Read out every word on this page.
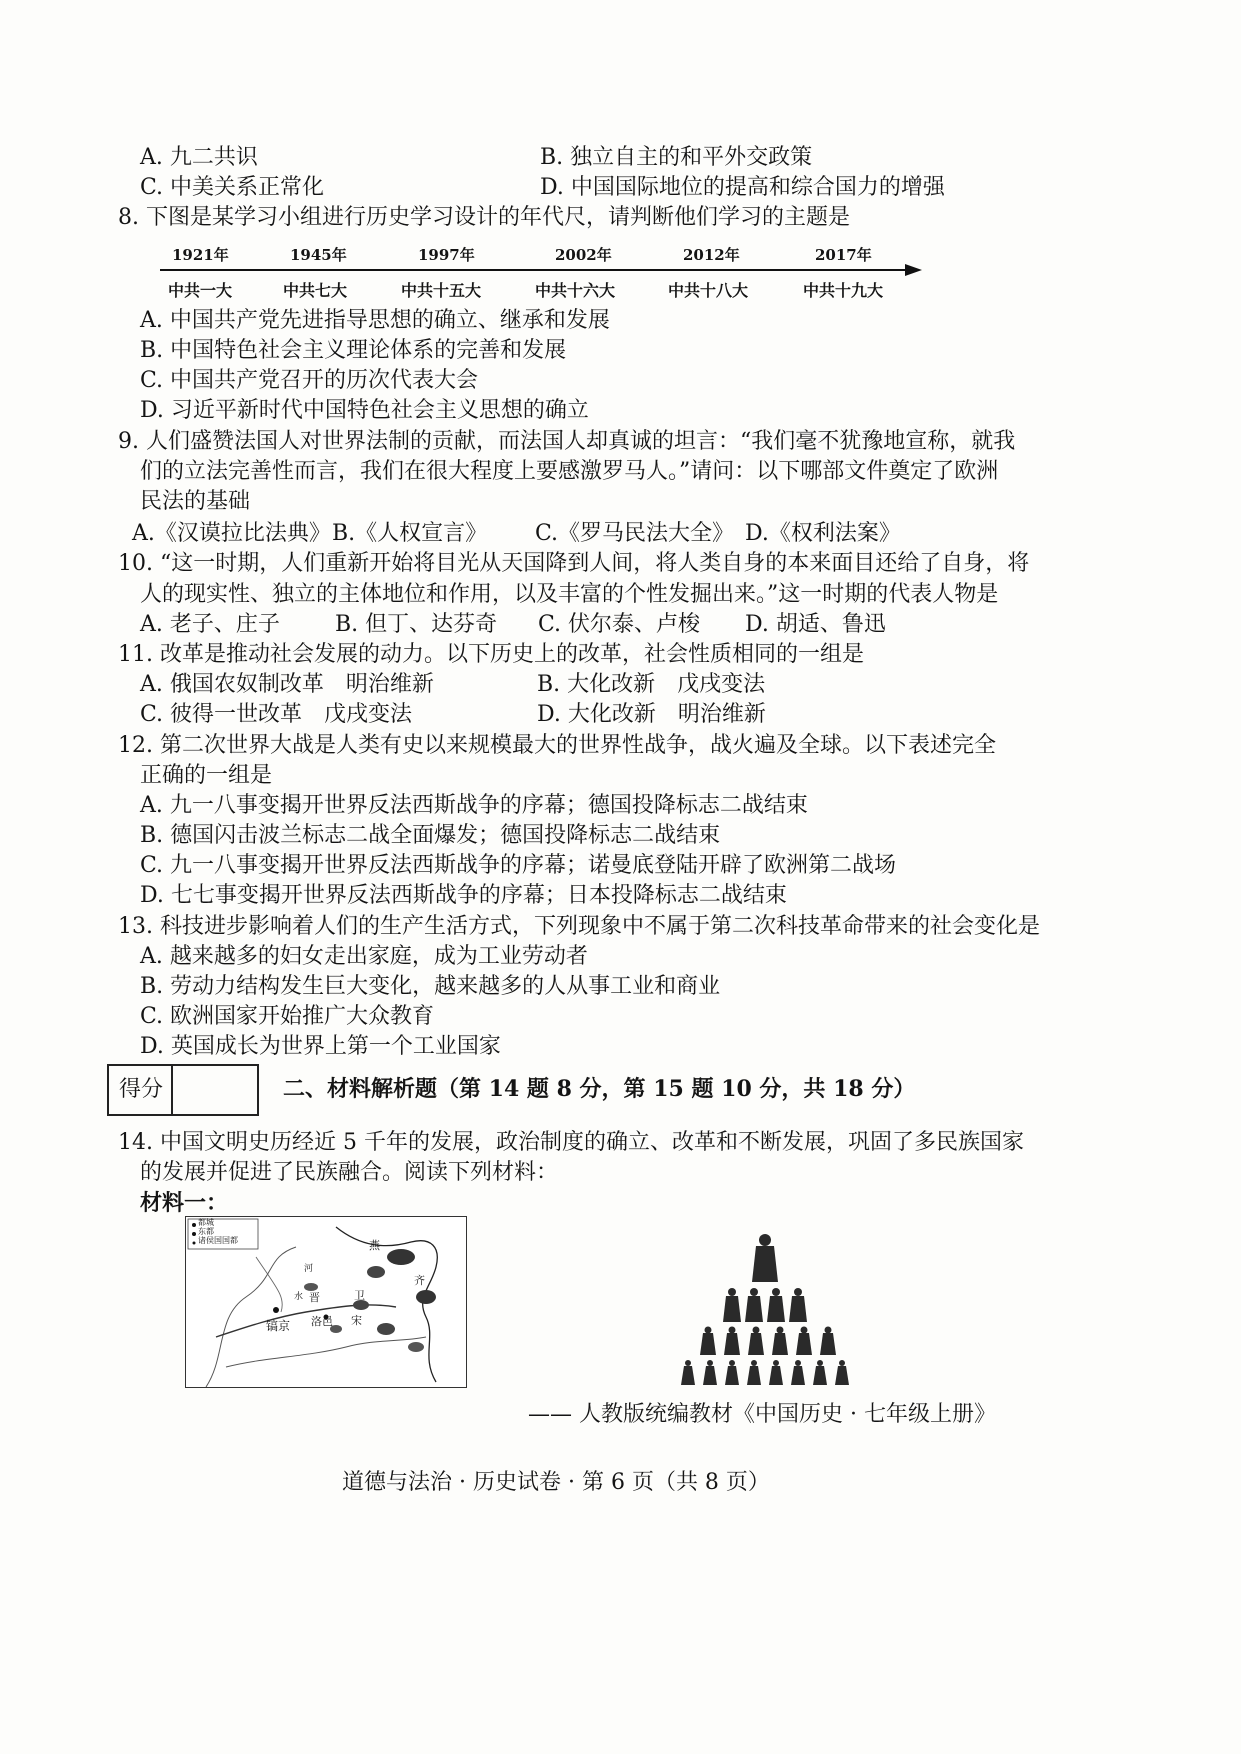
A. 九二共识	B. 独立自主的和平外交政策
C. 中美关系正常化	D. 中国国际地位的提高和综合国力的增强
8. 下图是某学习小组进行历史学习设计的年代尺，请判断他们学习的主题是
1921年	1945年	1997年	2002年	2012年	2017年
中共一大	中共七大	中共十五大	中共十六大	中共十八大	中共十九大
A. 中国共产党先进指导思想的确立、继承和发展
B. 中国特色社会主义理论体系的完善和发展
C. 中国共产党召开的历次代表大会
D. 习近平新时代中国特色社会主义思想的确立
9. 人们盛赞法国人对世界法制的贡献，而法国人却真诚的坦言：“我们毫不犹豫地宣称，就我
们的立法完善性而言，我们在很大程度上要感激罗马人。”请问：以下哪部文件奠定了欧洲
民法的基础
A.《汉谟拉比法典》 B.《人权宣言》 C.《罗马民法大全》 D.《权利法案》
10. “这一时期，人们重新开始将目光从天国降到人间，将人类自身的本来面目还给了自身，将
人的现实性、独立的主体地位和作用，以及丰富的个性发掘出来。”这一时期的代表人物是
A. 老子、庄子	B. 但丁、达芬奇 C. 伏尔泰、卢梭 D. 胡适、鲁迅
11. 改革是推动社会发展的动力。以下历史上的改革，社会性质相同的一组是
A. 俄国农奴制改革　明治维新	B. 大化改新　戊戌变法
C. 彼得一世改革　戊戌变法	D. 大化改新　明治维新
12. 第二次世界大战是人类有史以来规模最大的世界性战争，战火遍及全球。以下表述完全
正确的一组是
A. 九一八事变揭开世界反法西斯战争的序幕；德国投降标志二战结束
B. 德国闪击波兰标志二战全面爆发；德国投降标志二战结束
C. 九一八事变揭开世界反法西斯战争的序幕；诺曼底登陆开辟了欧洲第二战场
D. 七七事变揭开世界反法西斯战争的序幕；日本投降标志二战结束
13. 科技进步影响着人们的生产生活方式，下列现象中不属于第二次科技革命带来的社会变化是
A. 越来越多的妇女走出家庭，成为工业劳动者
B. 劳动力结构发生巨大变化，越来越多的人从事工业和商业
C. 欧洲国家开始推广大众教育
D. 英国成长为世界上第一个工业国家
得分	二、材料解析题（第 14 题 8 分，第 15 题 10 分，共 18 分）
14. 中国文明史历经近 5 千年的发展，政治制度的确立、改革和不断发展，巩固了多民族国家
的发展并促进了民族融合。阅读下列材料：
材料一：
都城
东都
诸侯国国都	燕
齐
晋	卫
宋
洛邑
镐京
河
水
—— 人教版统编教材《中国历史 · 七年级上册》
道德与法治 · 历史试卷 · 第 6 页（共 8 页）
